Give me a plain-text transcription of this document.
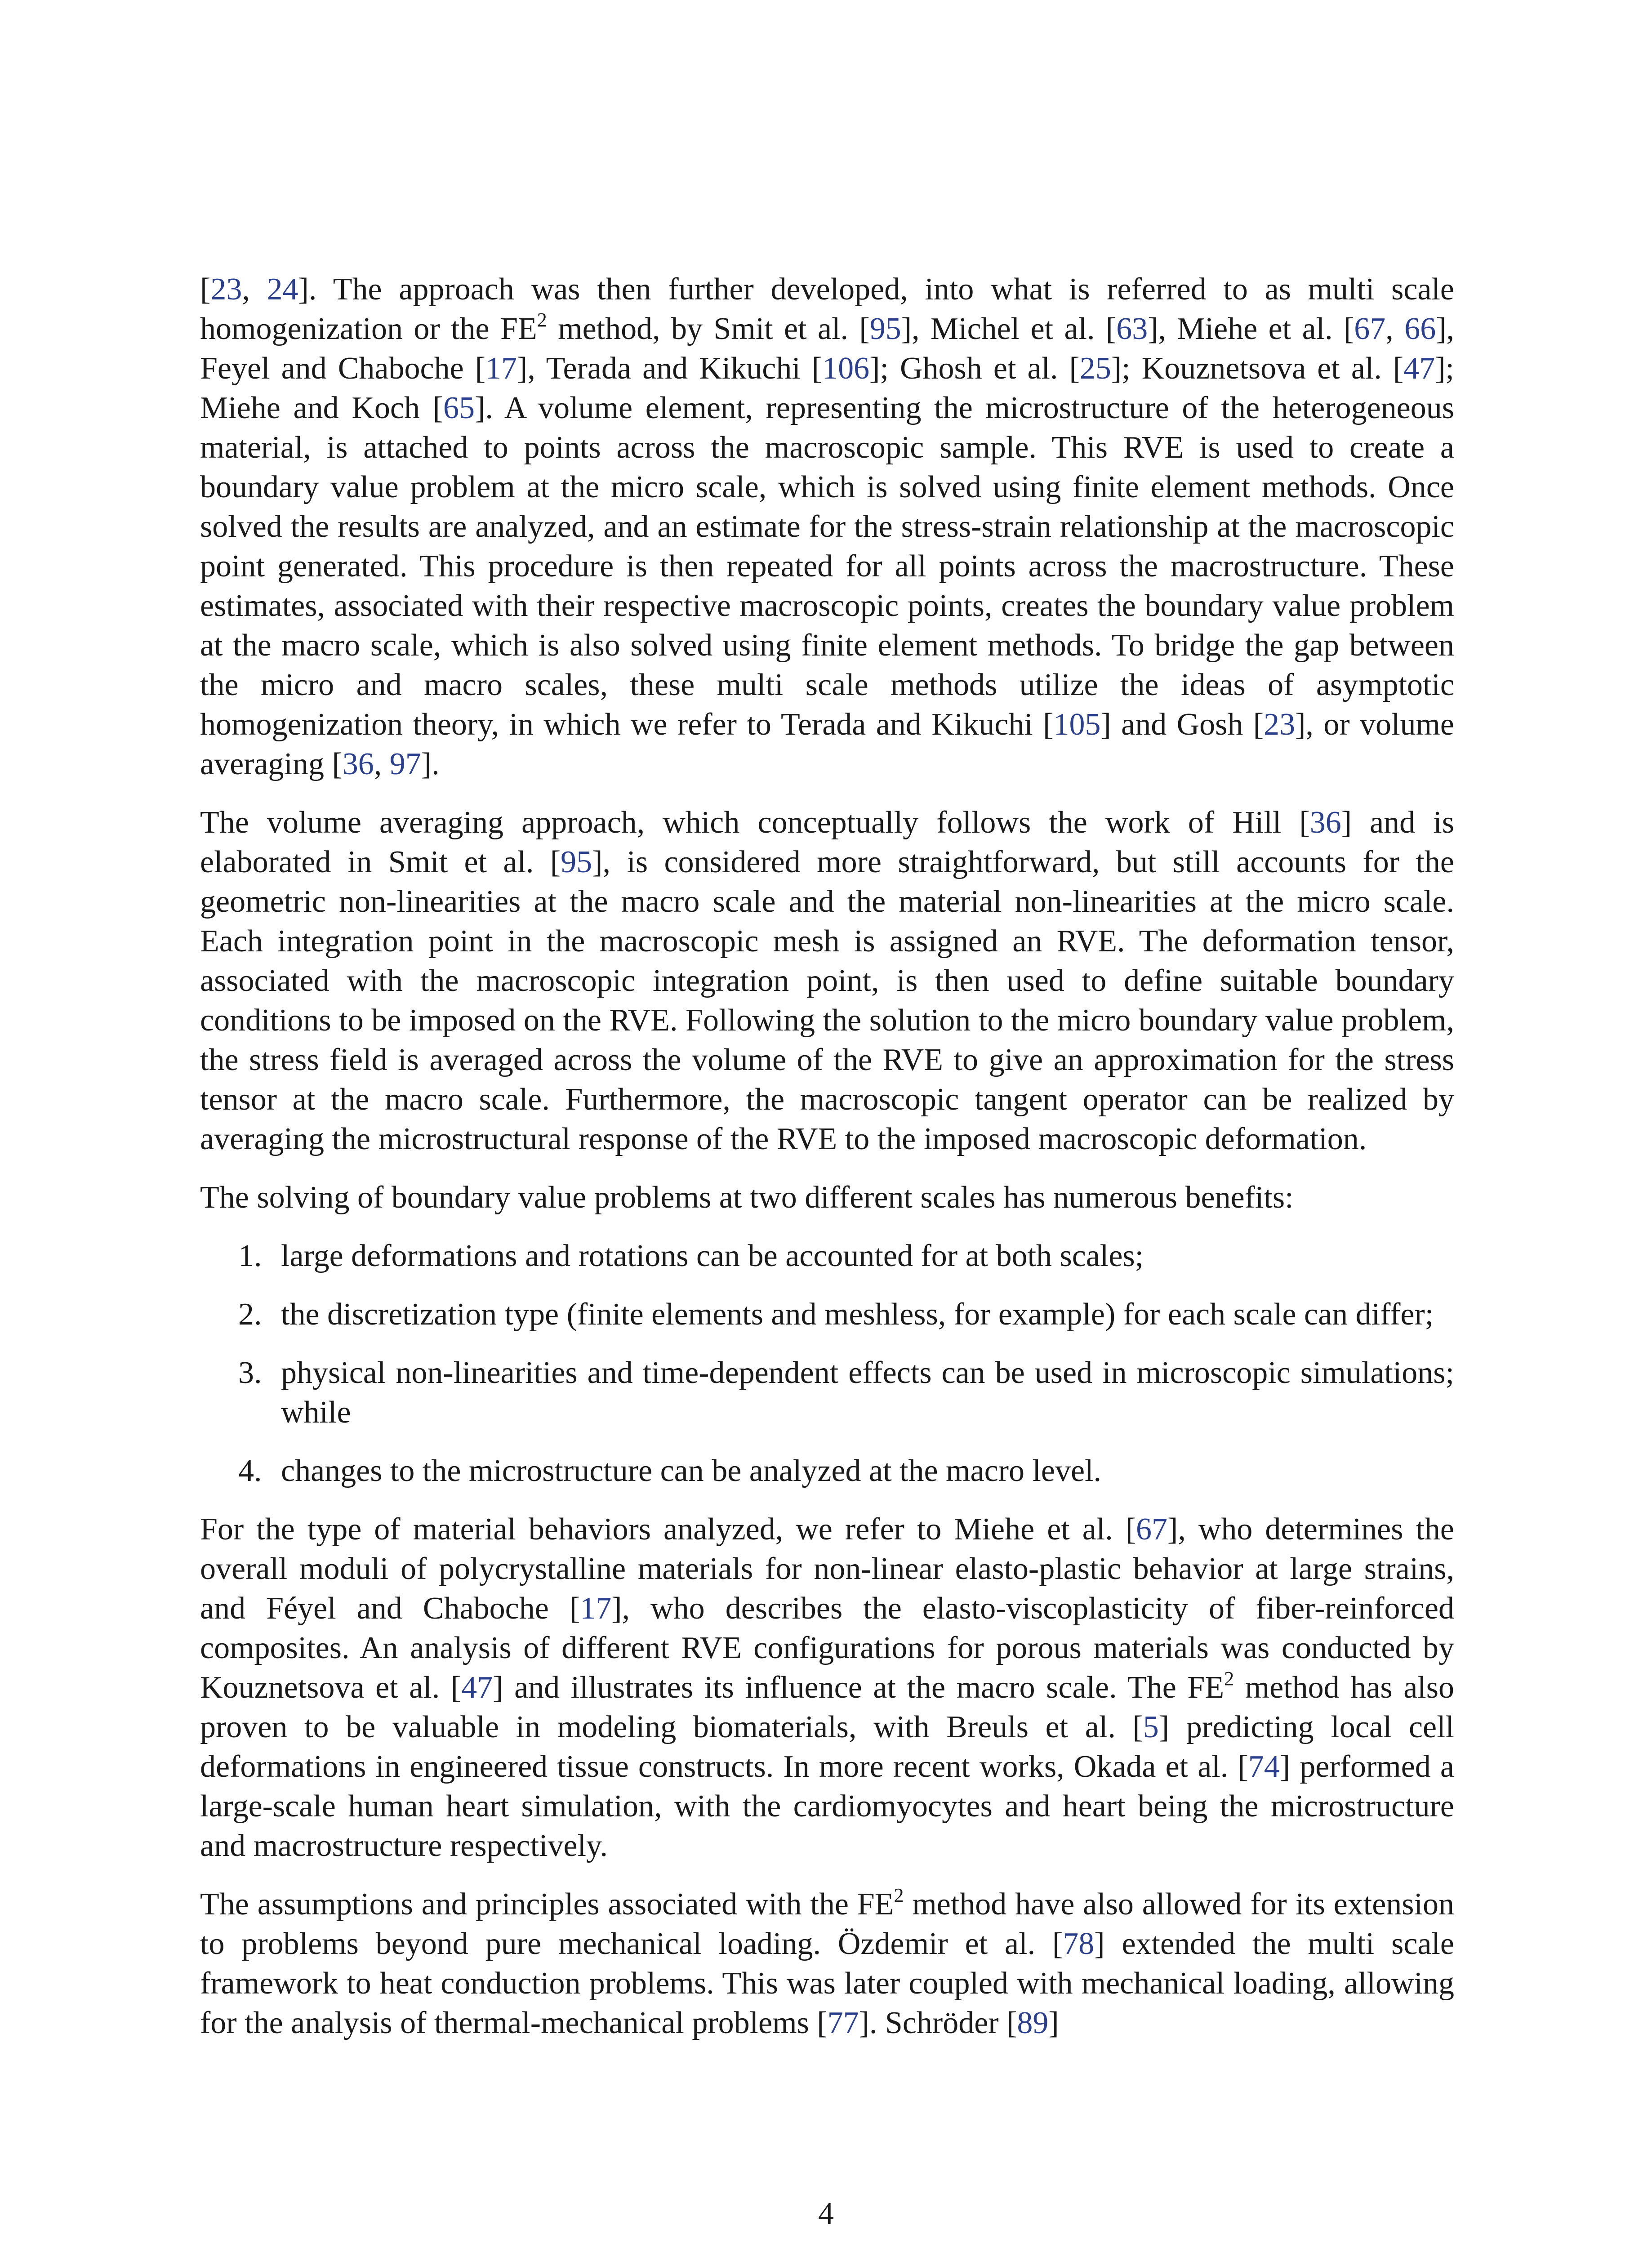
[23, 24]. The approach was then further developed, into what is referred to as multi scale homogenization or the $FE^2$ method, by Smit et al. [95], Michel et al. [63], Miehe et al. [67, 66], Feyel and Chaboche [17], Terada and Kikuchi [106]; Ghosh et al. [25]; Kouznetsova et al. [47]; Miehe and Koch [65]. A volume element, representing the microstructure of the heterogeneous material, is attached to points across the macroscopic sample. This RVE is used to create a boundary value problem at the micro scale, which is solved using finite element methods. Once solved the results are analyzed, and an estimate for the stress-strain relationship at the macroscopic point generated. This procedure is then repeated for all points across the macrostructure. These estimates, associated with their respective macroscopic points, creates the boundary value problem at the macro scale, which is also solved using finite element methods. To bridge the gap between the micro and macro scales, these multi scale methods utilize the ideas of asymptotic homogenization theory, in which we refer to Terada and Kikuchi [105] and Gosh [23], or volume averaging [36, 97].

The volume averaging approach, which conceptually follows the work of Hill [36] and is elaborated in Smit et al. [95], is considered more straightforward, but still accounts for the geometric non-linearities at the macro scale and the material non-linearities at the micro scale. Each integration point in the macroscopic mesh is assigned an RVE. The deformation tensor, associated with the macroscopic integration point, is then used to define suitable boundary conditions to be imposed on the RVE. Following the solution to the micro boundary value problem, the stress field is averaged across the volume of the RVE to give an approximation for the stress tensor at the macro scale. Furthermore, the macroscopic tangent operator can be realized by averaging the microstructural response of the RVE to the imposed macroscopic deformation.

The solving of boundary value problems at two different scales has numerous benefits:

1. large deformations and rotations can be accounted for at both scales;
2. the discretization type (finite elements and meshless, for example) for each scale can differ;
3. physical non-linearities and time-dependent effects can be used in microscopic simulations; while
4. changes to the microstructure can be analyzed at the macro level.

For the type of material behaviors analyzed, we refer to Miehe et al. [67], who determines the overall moduli of polycrystalline materials for non-linear elasto-plastic behavior at large strains, and Féyel and Chaboche [17], who describes the elasto-viscoplasticity of fiber-reinforced composites. An analysis of different RVE configurations for porous materials was conducted by Kouznetsova et al. [47] and illustrates its influence at the macro scale. The $FE^2$ method has also proven to be valuable in modeling biomaterials, with Breuls et al. [5] predicting local cell deformations in engineered tissue constructs. In more recent works, Okada et al. [74] performed a large-scale human heart simulation, with the cardiomyocytes and heart being the microstructure and macrostructure respectively.

The assumptions and principles associated with the $FE^2$ method have also allowed for its extension to problems beyond pure mechanical loading. Özdemir et al. [78] extended the multi scale framework to heat conduction problems. This was later coupled with mechanical loading, allowing for the analysis of thermal-mechanical problems [77]. Schröder [89]

4
